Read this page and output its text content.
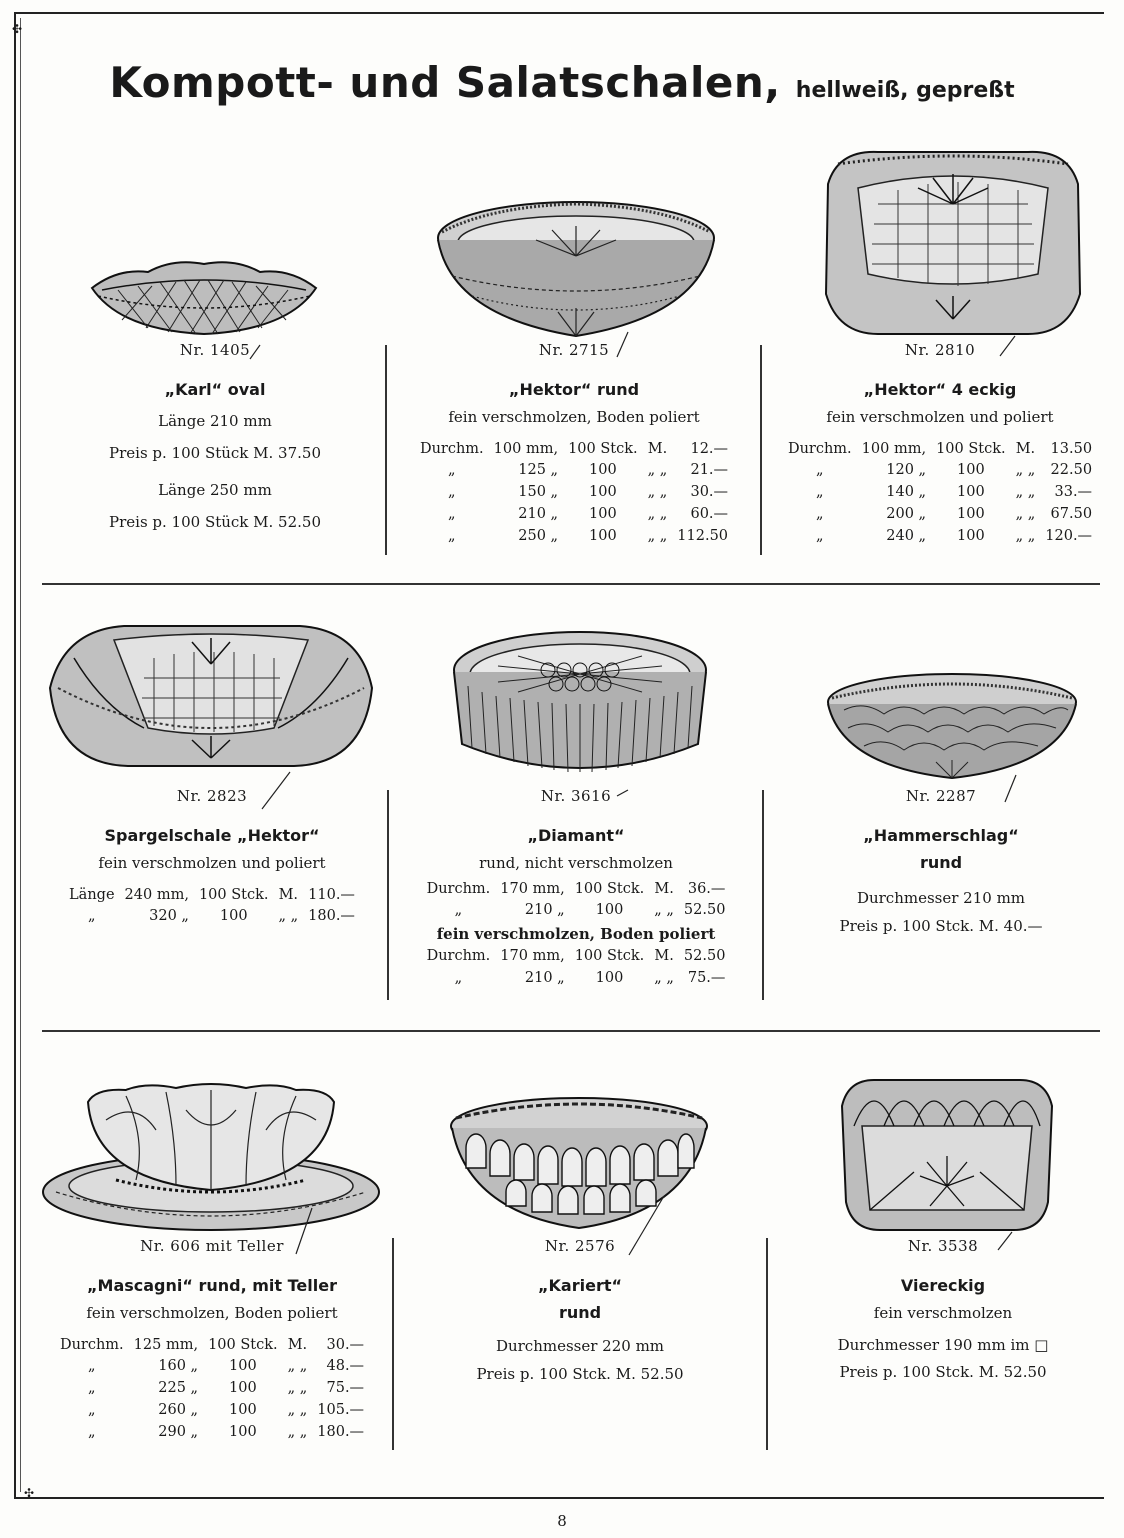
✣
✣
Kompott- und Salatschalen, hellweiß, gepreßt
Nr. 1405
„Karl“ oval
Länge 210 mm
Preis p. 100 Stück M. 37.50
Länge 250 mm
Preis p. 100 Stück M. 52.50
Nr. 2715
„Hektor“ rund
fein verschmolzen, Boden poliert
Durchm.	100 mm,	100 Stck.	M.	12.—
„	125 „	100	„ „	21.—
„	150 „	100	„ „	30.—
„	210 „	100	„ „	60.—
„	250 „	100	„ „	112.50
Nr. 2810
„Hektor“ 4 eckig
fein verschmolzen und poliert
Durchm.	100 mm,	100 Stck.	M.	13.50
„	120 „	100	„ „	22.50
„	140 „	100	„ „	33.—
„	200 „	100	„ „	67.50
„	240 „	100	„ „	120.—
Nr. 2823
Spargelschale „Hektor“
fein verschmolzen und poliert
Länge	240 mm,	100 Stck.	M.	110.—
„	320 „	100	„ „	180.—
Nr. 3616
„Diamant“
rund, nicht verschmolzen
Durchm.	170 mm,	100 Stck.	M.	36.—
„	210 „	100	„ „	52.50
fein verschmolzen, Boden poliert
Durchm.	170 mm,	100 Stck.	M.	52.50
„	210 „	100	„ „	75.—
Nr. 2287
„Hammerschlag“
rund
Durchmesser 210 mm
Preis p. 100 Stck. M. 40.—
Nr. 606 mit Teller
„Mascagni“ rund, mit Teller
fein verschmolzen, Boden poliert
Durchm.	125 mm,	100 Stck.	M.	30.—
„	160 „	100	„ „	48.—
„	225 „	100	„ „	75.—
„	260 „	100	„ „	105.—
„	290 „	100	„ „	180.—
Nr. 2576
„Kariert“
rund
Durchmesser 220 mm
Preis p. 100 Stck. M. 52.50
Nr. 3538
Viereckig
fein verschmolzen
Durchmesser 190 mm im □
Preis p. 100 Stck. M. 52.50
8
